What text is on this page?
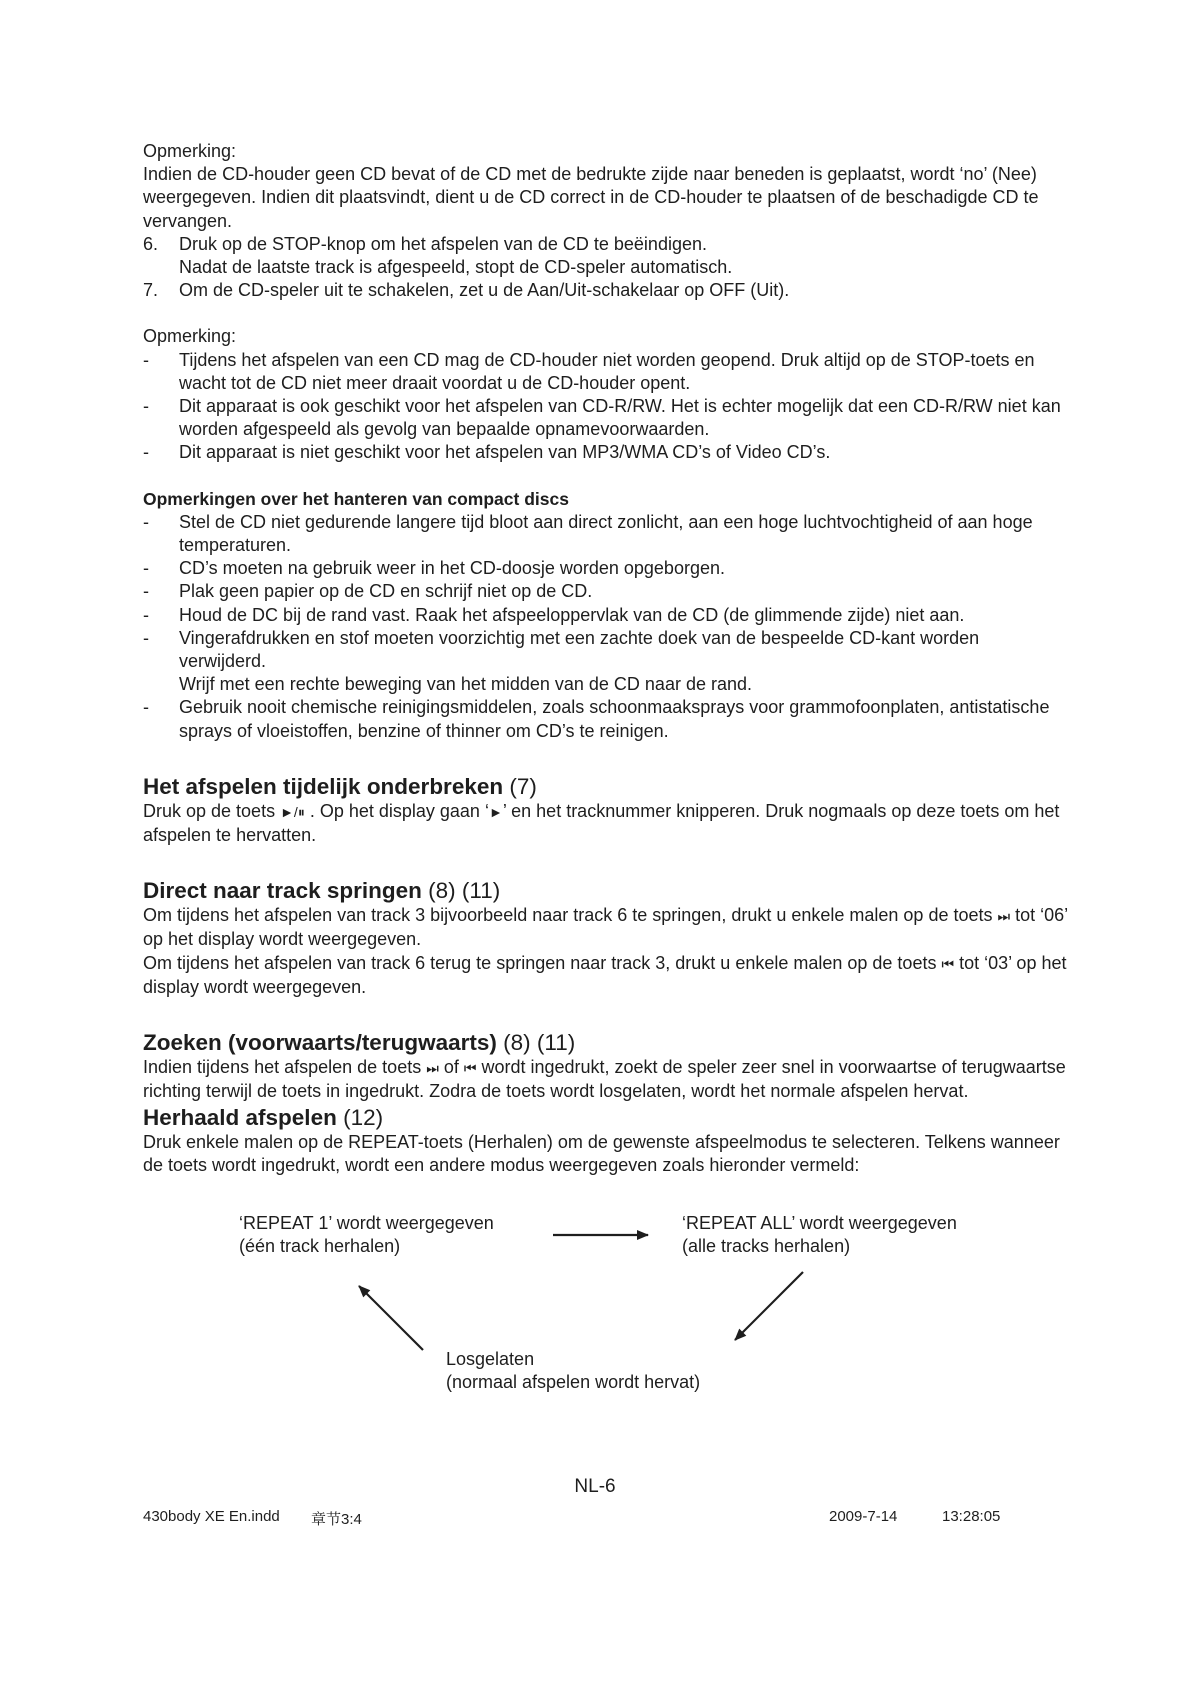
Opmerking:

Indien de CD-houder geen CD bevat of de CD met de bedrukte zijde naar beneden is geplaatst, wordt ‘no’ (Nee) weergegeven. Indien dit plaatsvindt, dient u de CD correct in de CD-houder te plaatsen of de beschadigde CD te vervangen.

6. Druk op de STOP-knop om het afspelen van de CD te beëindigen.

Nadat de laatste track is afgespeeld, stopt de CD-speler automatisch.

7. Om de CD-speler uit te schakelen, zet u de Aan/Uit-schakelaar op OFF (Uit).

Opmerking:

- Tijdens het afspelen van een CD mag de CD-houder niet worden geopend. Druk altijd op de STOP-toets en wacht tot de CD niet meer draait voordat u de CD-houder opent.

- Dit apparaat is ook geschikt voor het afspelen van CD-R/RW. Het is echter mogelijk dat een CD-R/RW niet kan worden afgespeeld als gevolg van bepaalde opnamevoorwaarden.

- Dit apparaat is niet geschikt voor het afspelen van MP3/WMA CD’s of Video CD’s.

Opmerkingen over het hanteren van compact discs

- Stel de CD niet gedurende langere tijd bloot aan direct zonlicht, aan een hoge luchtvochtigheid of aan hoge temperaturen.

- CD’s moeten na gebruik weer in het CD-doosje worden opgeborgen.

- Plak geen papier op de CD en schrijf niet op de CD.

- Houd de DC bij de rand vast. Raak het afspeeloppervlak van de CD (de glimmende zijde) niet aan.

- Vingerafdrukken en stof moeten voorzichtig met een zachte doek van de bespeelde CD-kant worden verwijderd.

Wrijf met een rechte beweging van het midden van de CD naar de rand.

- Gebruik nooit chemische reinigingsmiddelen, zoals schoonmaaksprays voor grammofoonplaten, antistatische sprays of vloeistoffen, benzine of thinner om CD’s te reinigen.

Het afspelen tijdelijk onderbreken (7)

Druk op de toets ►/⏸ . Op het display gaan ‘►’ en het tracknummer knipperen. Druk nogmaals op deze toets om het afspelen te hervatten.

Direct naar track springen (8) (11)

Om tijdens het afspelen van track 3 bijvoorbeeld naar track 6 te springen, drukt u enkele malen op de toets ⏭ tot ‘06’ op het display wordt weergegeven.

Om tijdens het afspelen van track 6 terug te springen naar track 3, drukt u enkele malen op de toets ⏮ tot ‘03’ op het display wordt weergegeven.

Zoeken (voorwaarts/terugwaarts) (8) (11)

Indien tijdens het afspelen de toets ⏭ of ⏮ wordt ingedrukt, zoekt de speler zeer snel in voorwaartse of terugwaartse richting terwijl de toets in ingedrukt. Zodra de toets wordt losgelaten, wordt het normale afspelen hervat.

Herhaald afspelen (12)

Druk enkele malen op de REPEAT-toets (Herhalen) om de gewenste afspeelmodus te selecteren. Telkens wanneer de toets wordt ingedrukt, wordt een andere modus weergegeven zoals hieronder vermeld:

‘REPEAT 1’ wordt weergegeven
(één track herhalen)
‘REPEAT ALL’ wordt weergegeven
(alle tracks herhalen)
Losgelaten
(normaal afspelen wordt hervat)
NL-6
430body XE En.indd 章节3:4	2009-7-14	13:28:05
